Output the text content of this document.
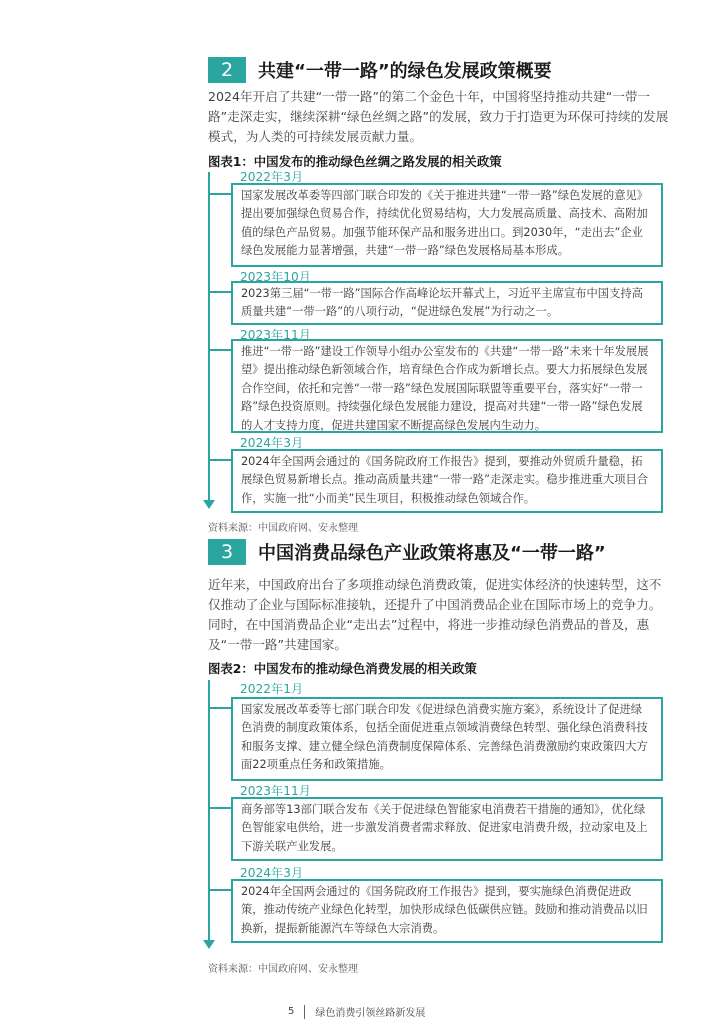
2	共建“一带一路”的绿色发展政策概要
2024年开启了共建“一带一路”的第二个金色十年，中国将坚持推动共建“一带一路”走深走实，继续深耕“绿色丝绸之路”的发展，致力于打造更为环保可持续的发展模式，为人类的可持续发展贡献力量。
图表1：中国发布的推动绿色丝绸之路发展的相关政策
2022年3月
国家发展改革委等四部门联合印发的《关于推进共建“一带一路”绿色发展的意见》提出要加强绿色贸易合作，持续优化贸易结构，大力发展高质量、高技术、高附加值的绿色产品贸易。加强节能环保产品和服务进出口。到2030年，“走出去”企业绿色发展能力显著增强，共建“一带一路”绿色发展格局基本形成。
2023年10月
2023第三届“一带一路”国际合作高峰论坛开幕式上，习近平主席宣布中国支持高质量共建“一带一路”的八项行动，“促进绿色发展”为行动之一。
2023年11月
推进“一带一路”建设工作领导小组办公室发布的《共建“一带一路”未来十年发展展望》提出推动绿色新领域合作，培育绿色合作成为新增长点。要大力拓展绿色发展合作空间，依托和完善“一带一路”绿色发展国际联盟等重要平台，落实好“一带一路”绿色投资原则。持续强化绿色发展能力建设，提高对共建“一带一路”绿色发展的人才支持力度，促进共建国家不断提高绿色发展内生动力。
2024年3月
2024年全国两会通过的《国务院政府工作报告》提到，要推动外贸质升量稳，拓展绿色贸易新增长点。推动高质量共建“一带一路”走深走实。稳步推进重大项目合作，实施一批“小而美”民生项目，积极推动绿色领域合作。
资料来源：中国政府网、安永整理
3	中国消费品绿色产业政策将惠及“一带一路”
近年来，中国政府出台了多项推动绿色消费政策，促进实体经济的快速转型，这不仅推动了企业与国际标准接轨，还提升了中国消费品企业在国际市场上的竞争力。同时，在中国消费品企业“走出去”过程中，将进一步推动绿色消费品的普及，惠及“一带一路”共建国家。
图表2：中国发布的推动绿色消费发展的相关政策
2022年1月
国家发展改革委等七部门联合印发《促进绿色消费实施方案》，系统设计了促进绿色消费的制度政策体系，包括全面促进重点领域消费绿色转型、强化绿色消费科技和服务支撑、建立健全绿色消费制度保障体系、完善绿色消费激励约束政策四大方面22项重点任务和政策措施。
2023年11月
商务部等13部门联合发布《关于促进绿色智能家电消费若干措施的通知》，优化绿色智能家电供给，进一步激发消费者需求释放、促进家电消费升级，拉动家电及上下游关联产业发展。
2024年3月
2024年全国两会通过的《国务院政府工作报告》提到，要实施绿色消费促进政策，推动传统产业绿色化转型，加快形成绿色低碳供应链。鼓励和推动消费品以旧换新，提振新能源汽车等绿色大宗消费。
资料来源：中国政府网、安永整理
5 绿色消费引领丝路新发展
